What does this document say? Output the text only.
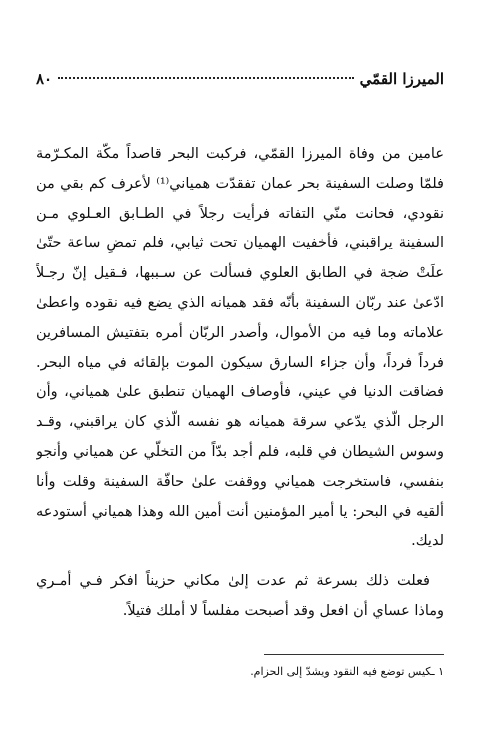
الميرزا القمّي
٨٠
عامين من وفاة الميرزا القمّي، فركبت البحر قاصداً مكّة المكـرّمة
فلمّا وصلت السفينة بحر عمان تفقدّت همياني⁽¹⁾ لأعرف كم بقي من
نقودي، فحانت منّي التفاته فرأيت رجلاً في الطـابق العـلوي مـن
السفينة يراقبني، فأخفيت الهميان تحت ثيابي، فلم تمضِ ساعة حتّىٰ
علَتْ ضجة في الطابق العلوي فسألت عن سـببها، فـقيل إنّ رجـلاً
ادّعىٰ عند ربّان السفينة بأنّه فقد هميانه الذي يضع فيه نقوده واعطىٰ
علاماته وما فيه من الأموال، وأصدر الربّان أمره بتفتيش المسافرين
فرداً فرداً، وأن جزاء السارق سيكون الموت بإلقائه في مياه البحر.
فضاقت الدنيا في عيني، فأوصاف الهميان تنطبق علىٰ همياني، وأن
الرجل الّذي يدّعي سرقة هميانه هو نفسه الّذي كان يراقبني، وقـد
وسوس الشيطان في قلبه، فلم أجد بدّاً من التخلّي عن همياني وأنجو
بنفسي، فاستخرجت همياني ووقفت علىٰ حافّة السفينة وقلت وأنا
ألقيه في البحر: يا أمير المؤمنين أنت أمين الله وهذا همياني أستودعه
لديك.
فعلت ذلك بسرعة ثم عدت إلىٰ مكاني حزيناً افكر فـي أمـري
وماذا عساي أن افعل وقد أصبحت مفلساً لا أملك فتيلاً.
١ ـكيس توضع فيه النقود ويشدّ إلى الحزام.
